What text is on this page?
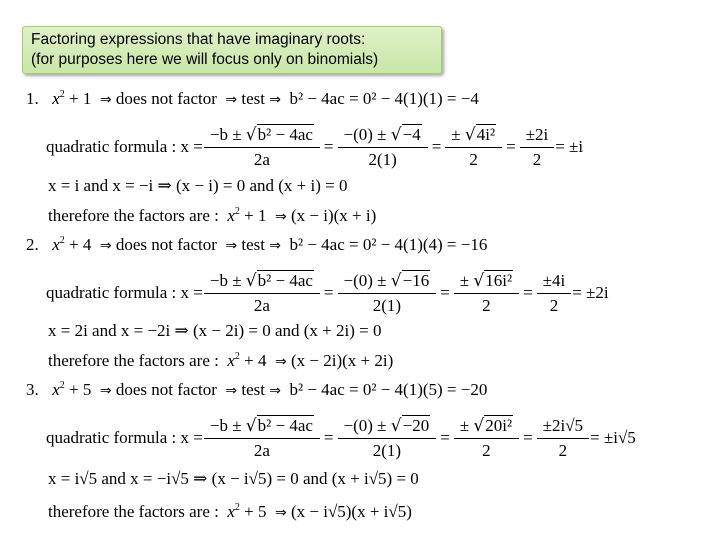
Factoring expressions that have imaginary roots:
(for purposes here we will focus only on binomials)
1. $x^2 + 1$ ⇒ does not factor ⇒ test ⇒ b² − 4ac = 0² − 4(1)(1) = −4
quadratic formula : $x = \frac{\text{−b ± √ b² − 4ac}}{2a} = \frac{-(0) \pm √ -4}{2(1)} = \frac{\text{± √ 4i²}}{2} = \frac{\pm 2i}{2} = \pm i$
x = i and x = −i ⇒ (x − i) = 0 and (x + i) = 0
therefore the factors are : $x^2 + 1$ ⇒ (x − i)(x + i)
2. $x^2 + 4$ ⇒ does not factor ⇒ test ⇒ b² − 4ac = 0² − 4(1)(4) = −16
quadratic formula : $x = \frac{\text{−b ± √ b² − 4ac}}{2a} = \frac{-(0) \pm √ -16}{2(1)} = \frac{\text{± √ 16i²}}{2} = \frac{\pm 4i}{2} = \pm 2i$
x = 2i and x = −2i ⇒ (x − 2i) = 0 and (x + 2i) = 0
therefore the factors are : $x^2 + 4$ ⇒ (x − 2i)(x + 2i)
3. $x^2 + 5$ ⇒ does not factor ⇒ test ⇒ b² − 4ac = 0² − 4(1)(5) = −20
quadratic formula : $x = \frac{\text{−b ± √ b² − 4ac}}{2a} = \frac{-(0) \pm √ -20}{2(1)} = \frac{\text{± √ 20i²}}{2} = \frac{\pm 2i√5}{2} = \pm i√5$
x = i√5 and x = −i√5 ⇒ (x − i√5) = 0 and (x + i√5) = 0
therefore the factors are : $x^2 + 5$ ⇒ (x − i√5)(x + i√5)
